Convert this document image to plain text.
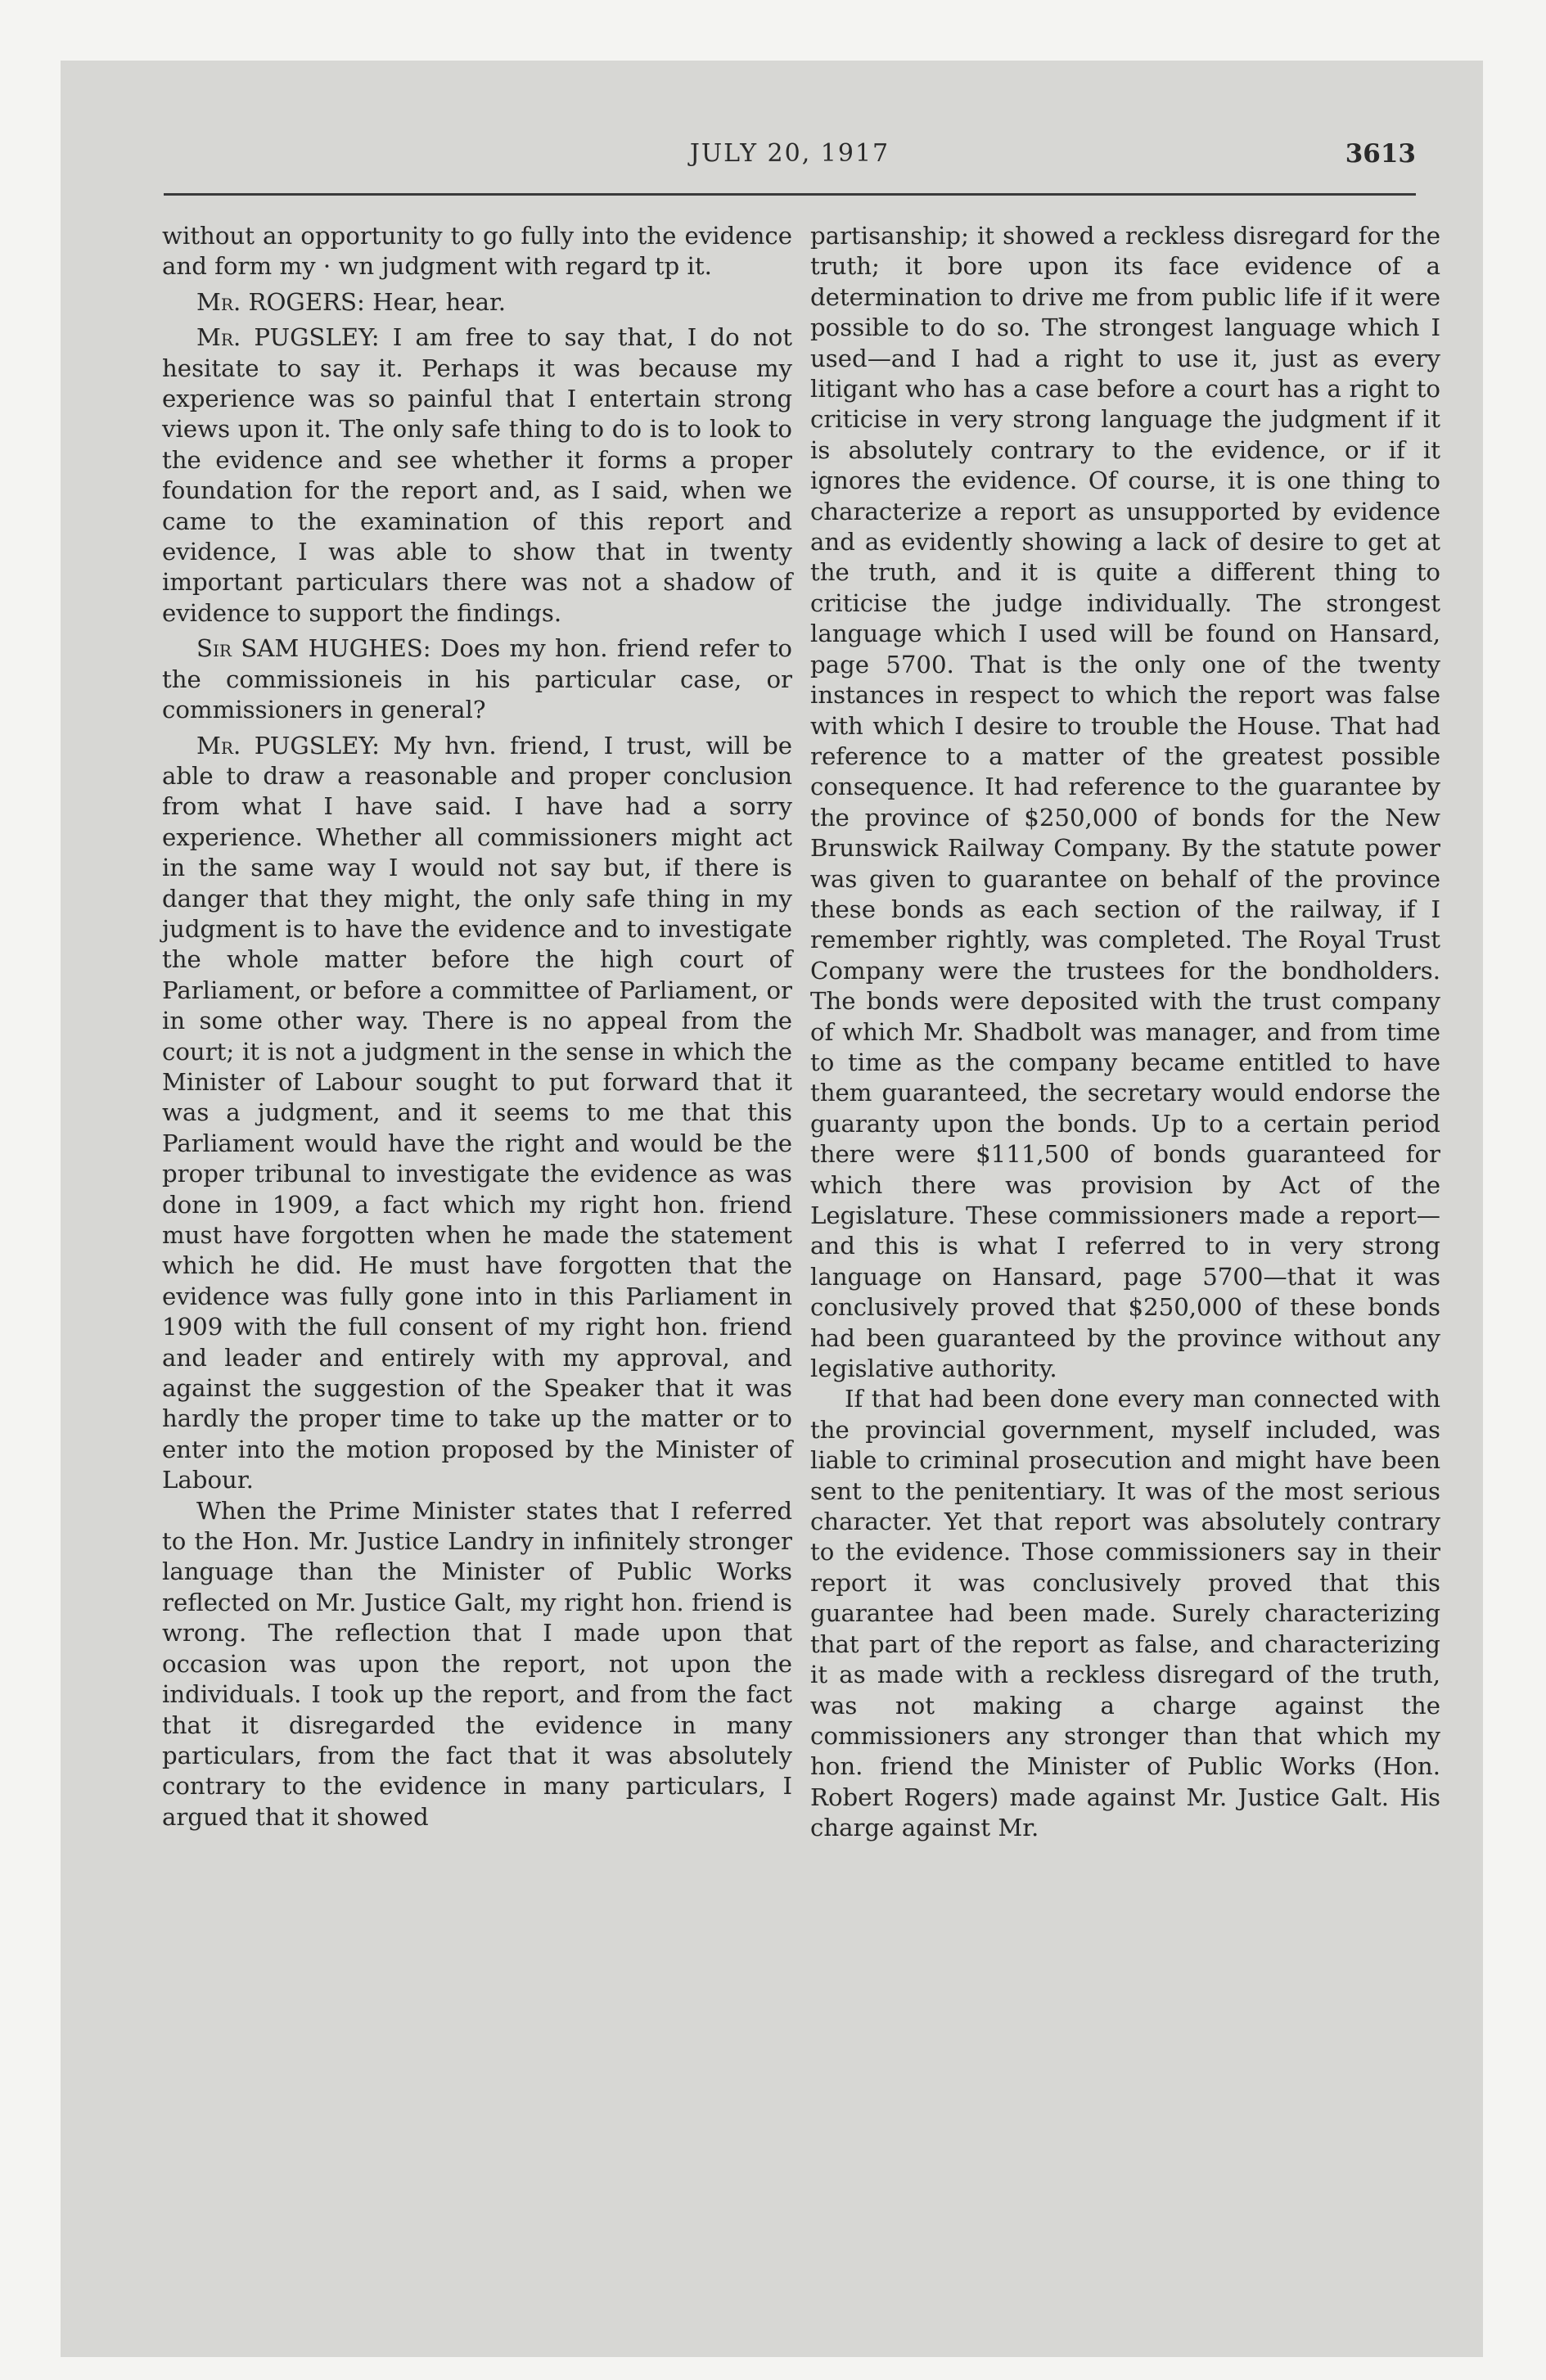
JULY 20, 1917	3613

without an opportunity to go fully into the evidence and form my · wn judgment with regard tp it.

Mr. ROGERS: Hear, hear.

Mr. PUGSLEY: I am free to say that, I do not hesitate to say it. Perhaps it was because my experience was so painful that I entertain strong views upon it. The only safe thing to do is to look to the evidence and see whether it forms a proper foundation for the report and, as I said, when we came to the examination of this report and evidence, I was able to show that in twenty important particulars there was not a shadow of evidence to support the findings.

Sir SAM HUGHES: Does my hon. friend refer to the commissioneis in his particular case, or commissioners in general?

Mr. PUGSLEY: My hvn. friend, I trust, will be able to draw a reasonable and proper conclusion from what I have said. I have had a sorry experience. Whether all commissioners might act in the same way I would not say but, if there is danger that they might, the only safe thing in my judgment is to have the evidence and to investigate the whole matter before the high court of Parliament, or before a committee of Parliament, or in some other way. There is no appeal from the court; it is not a judgment in the sense in which the Minister of Labour sought to put forward that it was a judgment, and it seems to me that this Parliament would have the right and would be the proper tribunal to investigate the evidence as was done in 1909, a fact which my right hon. friend must have forgotten when he made the statement which he did. He must have forgotten that the evidence was fully gone into in this Parliament in 1909 with the full consent of my right hon. friend and leader and entirely with my approval, and against the suggestion of the Speaker that it was hardly the proper time to take up the matter or to enter into the motion proposed by the Minister of Labour.

When the Prime Minister states that I referred to the Hon. Mr. Justice Landry in infinitely stronger language than the Minister of Public Works reflected on Mr. Justice Galt, my right hon. friend is wrong. The reflection that I made upon that occasion was upon the report, not upon the individuals. I took up the report, and from the fact that it disregarded the evidence in many particulars, from the fact that it was absolutely contrary to the evidence in many particulars, I argued that it showed

partisanship; it showed a reckless disregard for the truth; it bore upon its face evidence of a determination to drive me from public life if it were possible to do so. The strongest language which I used—and I had a right to use it, just as every litigant who has a case before a court has a right to criticise in very strong language the judgment if it is absolutely contrary to the evidence, or if it ignores the evidence. Of course, it is one thing to characterize a report as unsupported by evidence and as evidently showing a lack of desire to get at the truth, and it is quite a different thing to criticise the judge individually. The strongest language which I used will be found on Hansard, page 5700. That is the only one of the twenty instances in respect to which the report was false with which I desire to trouble the House. That had reference to a matter of the greatest possible consequence. It had reference to the guarantee by the province of $250,000 of bonds for the New Brunswick Railway Company. By the statute power was given to guarantee on behalf of the province these bonds as each section of the railway, if I remember rightly, was completed. The Royal Trust Company were the trustees for the bondholders. The bonds were deposited with the trust company of which Mr. Shadbolt was manager, and from time to time as the company became entitled to have them guaranteed, the secretary would endorse the guaranty upon the bonds. Up to a certain period there were $111,500 of bonds guaranteed for which there was provision by Act of the Legislature. These commissioners made a report—and this is what I referred to in very strong language on Hansard, page 5700—that it was conclusively proved that $250,000 of these bonds had been guaranteed by the province without any legislative authority.

If that had been done every man connected with the provincial government, myself included, was liable to criminal prosecution and might have been sent to the penitentiary. It was of the most serious character. Yet that report was absolutely contrary to the evidence. Those commissioners say in their report it was conclusively proved that this guarantee had been made. Surely characterizing that part of the report as false, and characterizing it as made with a reckless disregard of the truth, was not making a charge against the commissioners any stronger than that which my hon. friend the Minister of Public Works (Hon. Robert Rogers) made against Mr. Justice Galt. His charge against Mr.
